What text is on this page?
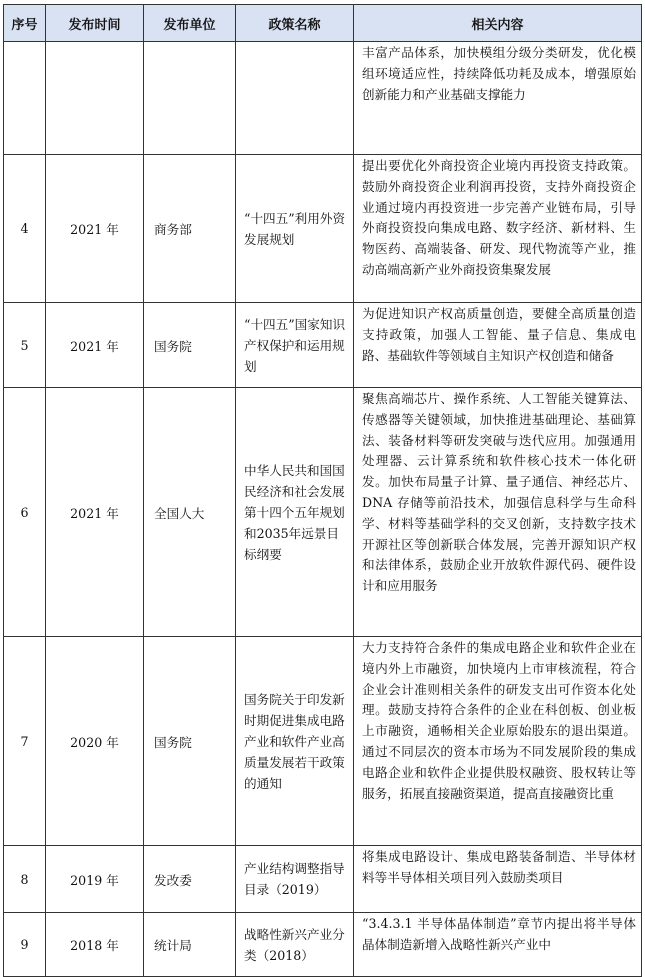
序号	发布时间	发布单位	政策名称	相关内容
				丰富产品体系，加快模组分级分类研发，优化模组环境适应性，持续降低功耗及成本，增强原始创新能力和产业基础支撑能力
4	2021 年	商务部	“十四五”利用外资发展规划	提出要优化外商投资企业境内再投资支持政策。鼓励外商投资企业利润再投资，支持外商投资企业通过境内再投资进一步完善产业链布局，引导外商投资投向集成电路、数字经济、新材料、生物医药、高端装备、研发、现代物流等产业，推动高端高新产业外商投资集聚发展
5	2021 年	国务院	“十四五”国家知识产权保护和运用规划	为促进知识产权高质量创造，要健全高质量创造支持政策，加强人工智能、量子信息、集成电路、基础软件等领域自主知识产权创造和储备
6	2021 年	全国人大	中华人民共和国国民经济和社会发展第十四个五年规划和2035年远景目标纲要	聚焦高端芯片、操作系统、人工智能关键算法、传感器等关键领域，加快推进基础理论、基础算法、装备材料等研发突破与迭代应用。加强通用处理器、云计算系统和软件核心技术一体化研发。加快布局量子计算、量子通信、神经芯片、DNA 存储等前沿技术，加强信息科学与生命科学、材料等基础学科的交叉创新，支持数字技术开源社区等创新联合体发展，完善开源知识产权和法律体系，鼓励企业开放软件源代码、硬件设计和应用服务
7	2020 年	国务院	国务院关于印发新时期促进集成电路产业和软件产业高质量发展若干政策的通知	大力支持符合条件的集成电路企业和软件企业在境内外上市融资，加快境内上市审核流程，符合企业会计准则相关条件的研发支出可作资本化处理。鼓励支持符合条件的企业在科创板、创业板上市融资，通畅相关企业原始股东的退出渠道。通过不同层次的资本市场为不同发展阶段的集成电路企业和软件企业提供股权融资、股权转让等服务，拓展直接融资渠道，提高直接融资比重
8	2019 年	发改委	产业结构调整指导目录（2019）	将集成电路设计、集成电路装备制造、半导体材料等半导体相关项目列入鼓励类项目
9	2018 年	统计局	战略性新兴产业分类（2018）	“3.4.3.1 半导体晶体制造”章节内提出将半导体晶体制造新增入战略性新兴产业中
